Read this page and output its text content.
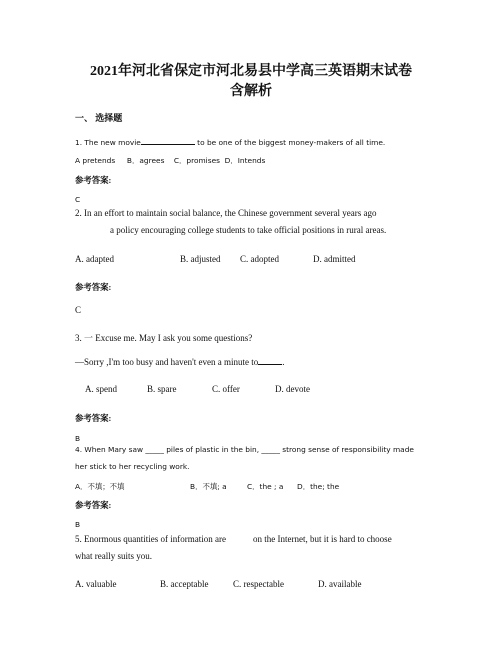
2021年河北省保定市河北易县中学高三英语期末试卷
含解析
一、 选择题
1. The new movie	to be one of the biggest money-makers of all time.
A pretends     B．agrees    C．promises  D．Intends
参考答案:
C
2. In an effort to maintain social balance, the Chinese government several years ago
a policy encouraging college students to take official positions in rural areas.
A. adapted	B. adjusted C. adopted	D. admitted
参考答案:
C
3. 一 Excuse me. May I ask you some questions?
—Sorry ,I'm too busy and haven't even a minute to	.
A. spend	B. spare	C. offer	D. devote
参考答案:
B
4. When Mary saw _____ piles of plastic in the bin, _____ strong sense of responsibility made
her stick to her recycling work.
A．不填；不填	B．不填; a	C．the ; a D．the; the
参考答案:
B
5. Enormous quantities of information are            on the Internet, but it is hard to choose
what really suits you.
A. valuable	B. acceptable	C. respectable	D. available
